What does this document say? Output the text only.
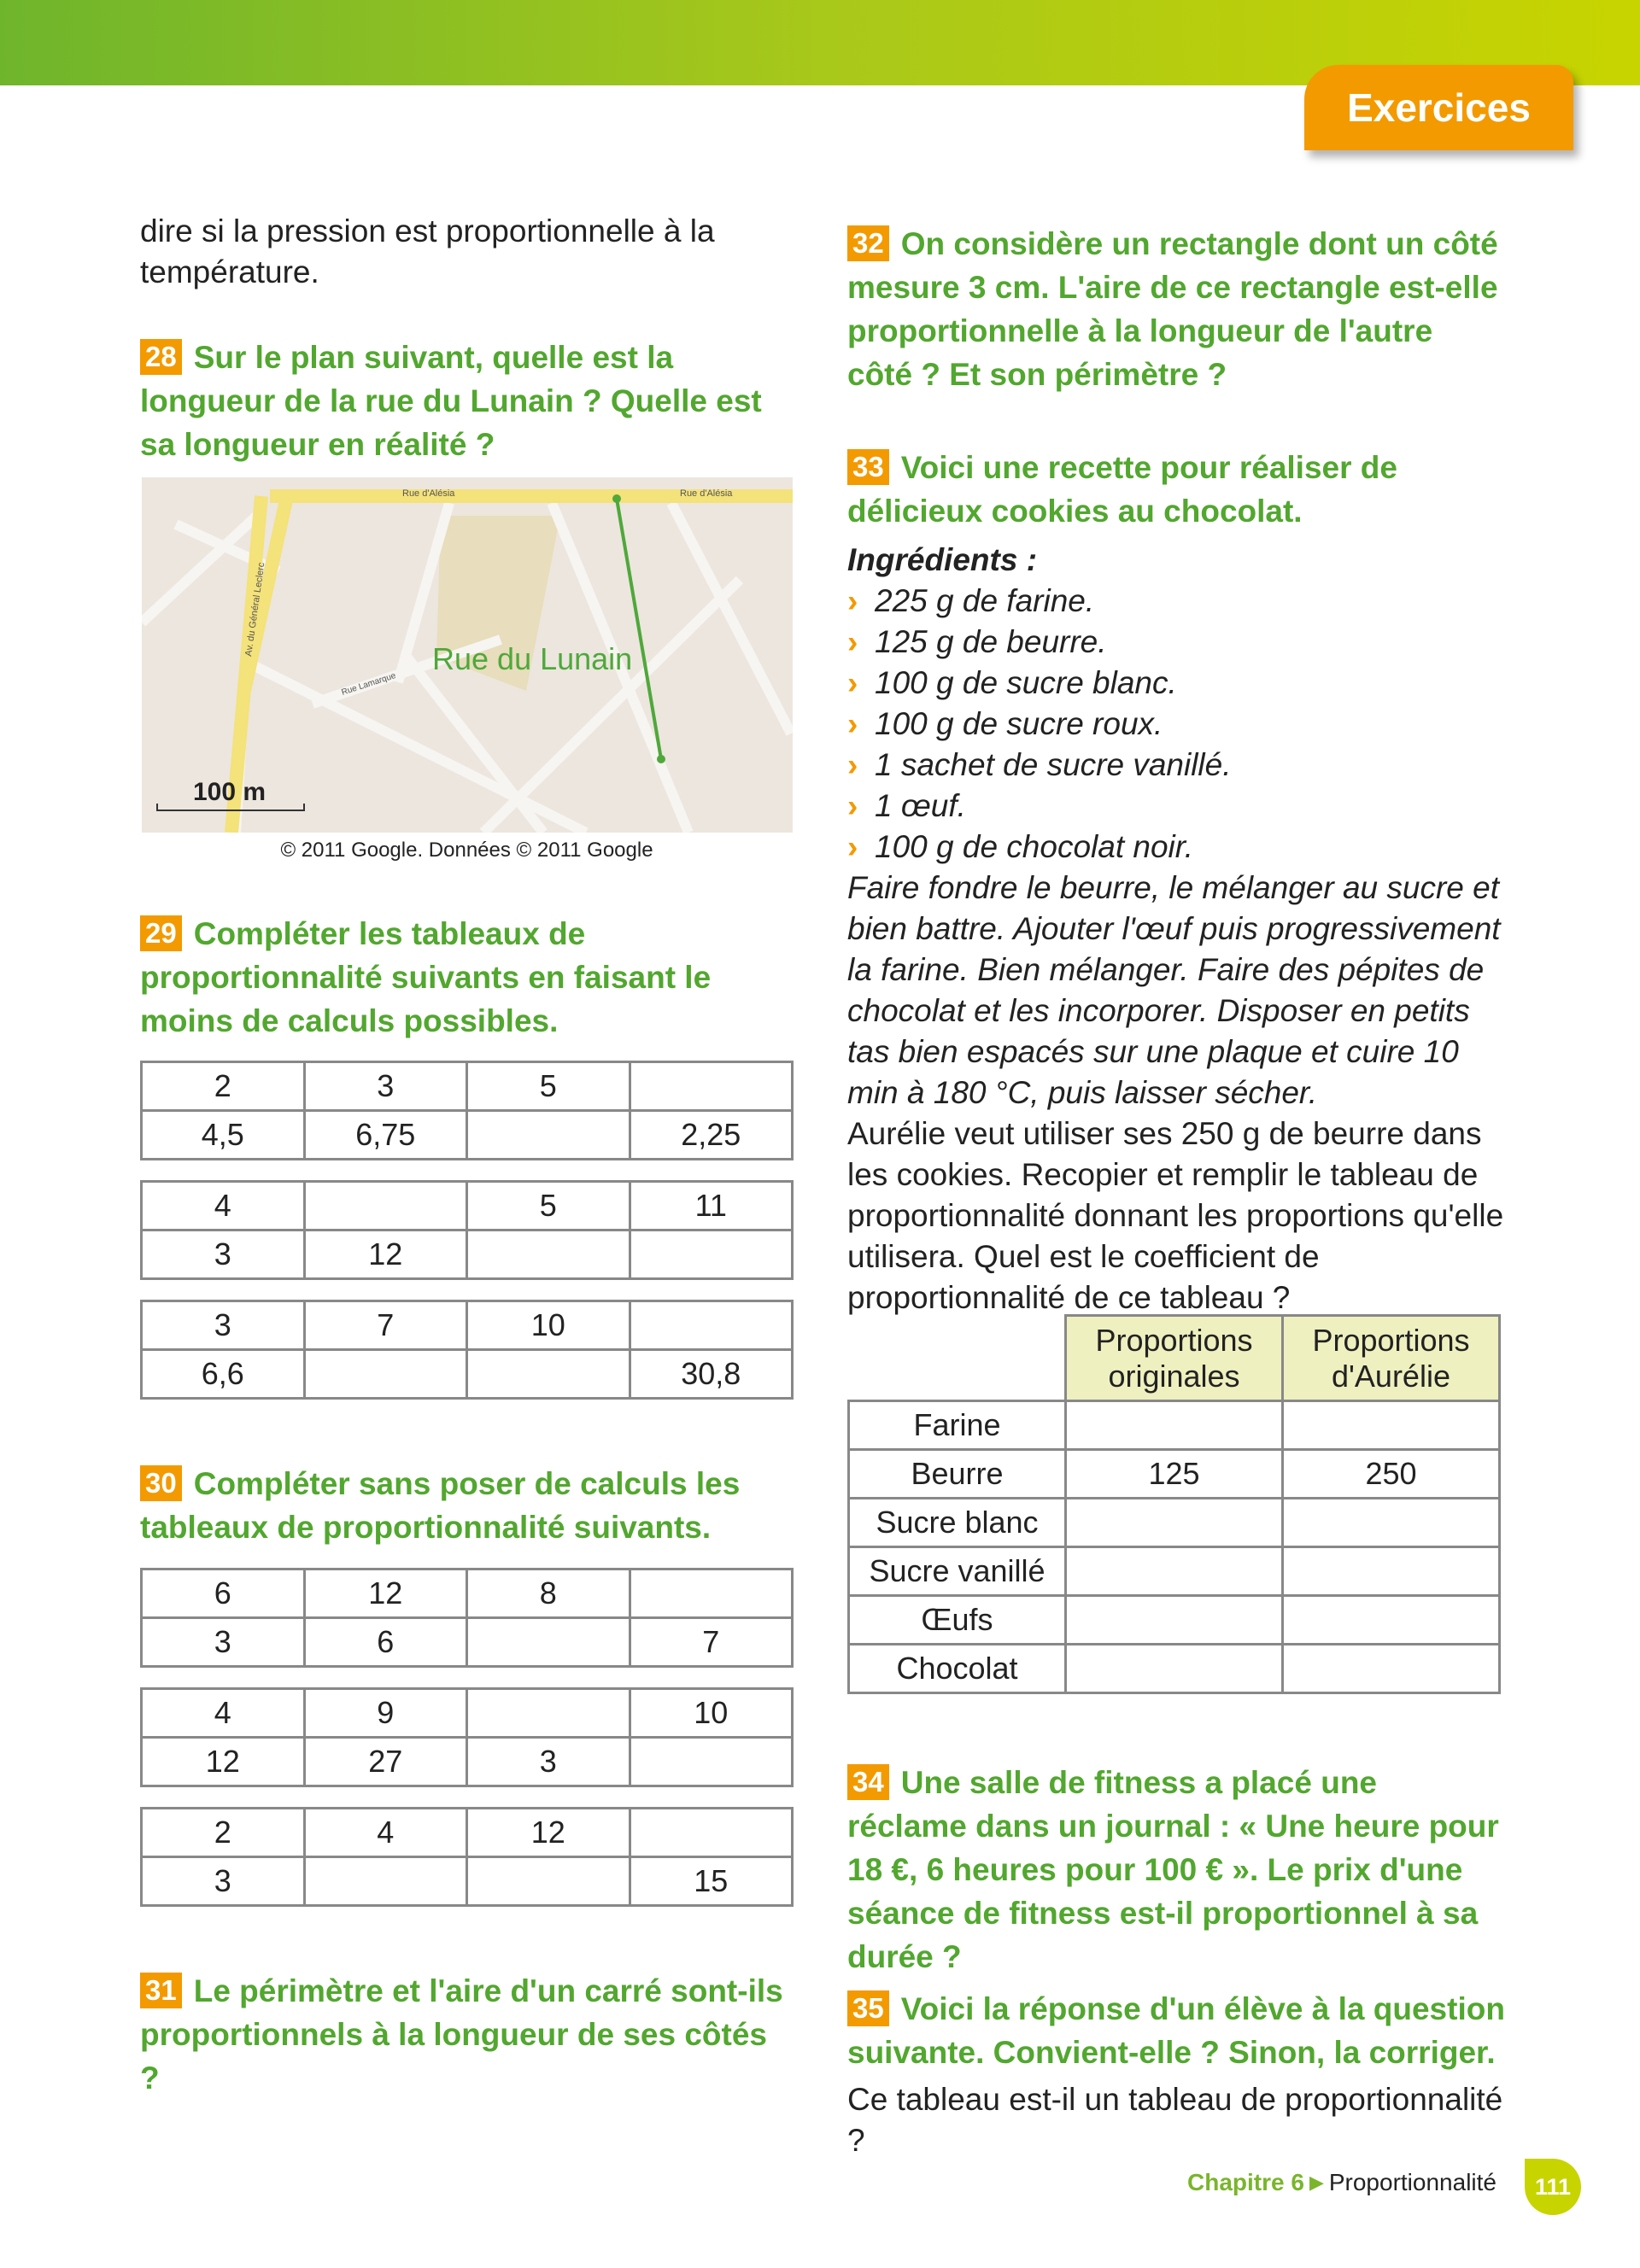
Exercices
dire si la pression est proportionnelle à la température.
28 Sur le plan suivant, quelle est la longueur de la rue du Lunain ? Quelle est sa longueur en réalité ?
Rue d'Alésia	Rue d'Alésia
Av. du Général Leclerc
Rue Lamarque
Rue du Lunain
100 m
© 2011 Google. Données © 2011 Google
29 Compléter les tableaux de proportionnalité suivants en faisant le moins de calculs possibles.
2	3	5	
4,5	6,75		2,25
4		5	11
3	12		
3	7	10	
6,6			30,8
30 Compléter sans poser de calculs les tableaux de proportionnalité suivants.
6	12	8	
3	6		7
4	9		10
12	27	3	
2	4	12	
3			15
31 Le périmètre et l'aire d'un carré sont-ils proportionnels à la longueur de ses côtés ?
32 On considère un rectangle dont un côté mesure 3 cm. L'aire de ce rectangle est-elle proportionnelle à la longueur de l'autre côté ? Et son périmètre ?
33 Voici une recette pour réaliser de délicieux cookies au chocolat.
Ingrédients :
› 225 g de farine.
› 125 g de beurre.
› 100 g de sucre blanc.
› 100 g de sucre roux.
› 1 sachet de sucre vanillé.
› 1 œuf.
› 100 g de chocolat noir.
Faire fondre le beurre, le mélanger au sucre et bien battre. Ajouter l'œuf puis progressivement la farine. Bien mélanger. Faire des pépites de chocolat et les incorporer. Disposer en petits tas bien espacés sur une plaque et cuire 10 min à 180 °C, puis laisser sécher.
Aurélie veut utiliser ses 250 g de beurre dans les cookies. Recopier et remplir le tableau de proportionnalité donnant les proportions qu'elle utilisera. Quel est le coefficient de proportionnalité de ce tableau ?
	Proportions originales	Proportions d'Aurélie
Farine		
Beurre	125	250
Sucre blanc		
Sucre vanillé		
Œufs		
Chocolat		
34 Une salle de fitness a placé une réclame dans un journal : « Une heure pour 18 €, 6 heures pour 100 € ». Le prix d'une séance de fitness est-il proportionnel à sa durée ?
35 Voici la réponse d'un élève à la question suivante. Convient-elle ? Sinon, la corriger.
Ce tableau est-il un tableau de proportionnalité ?
Chapitre 6 ▶ Proportionnalité 111
